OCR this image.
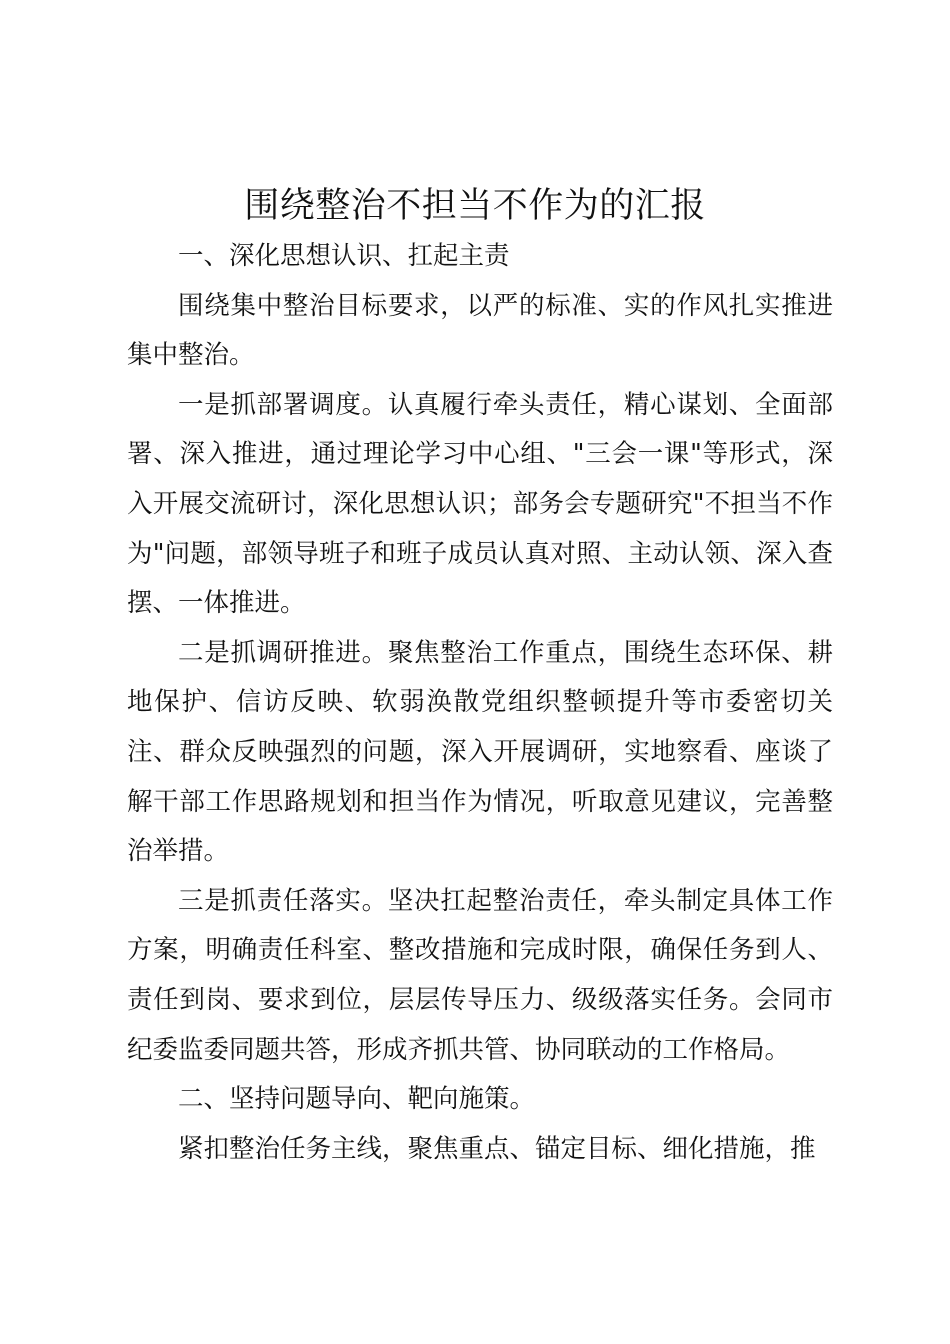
围绕整治不担当不作为的汇报

一、深化思想认识、扛起主责

围绕集中整治目标要求，以严的标准、实的作风扎实推进集中整治。

一是抓部署调度。认真履行牵头责任，精心谋划、全面部署、深入推进，通过理论学习中心组、"三会一课"等形式，深入开展交流研讨，深化思想认识；部务会专题研究"不担当不作为"问题，部领导班子和班子成员认真对照、主动认领、深入查摆、一体推进。

二是抓调研推进。聚焦整治工作重点，围绕生态环保、耕地保护、信访反映、软弱涣散党组织整顿提升等市委密切关注、群众反映强烈的问题，深入开展调研，实地察看、座谈了解干部工作思路规划和担当作为情况，听取意见建议，完善整治举措。

三是抓责任落实。坚决扛起整治责任，牵头制定具体工作方案，明确责任科室、整改措施和完成时限，确保任务到人、责任到岗、要求到位，层层传导压力、级级落实任务。会同市纪委监委同题共答，形成齐抓共管、协同联动的工作格局。

二、坚持问题导向、靶向施策。

紧扣整治任务主线，聚焦重点、锚定目标、细化措施，推
